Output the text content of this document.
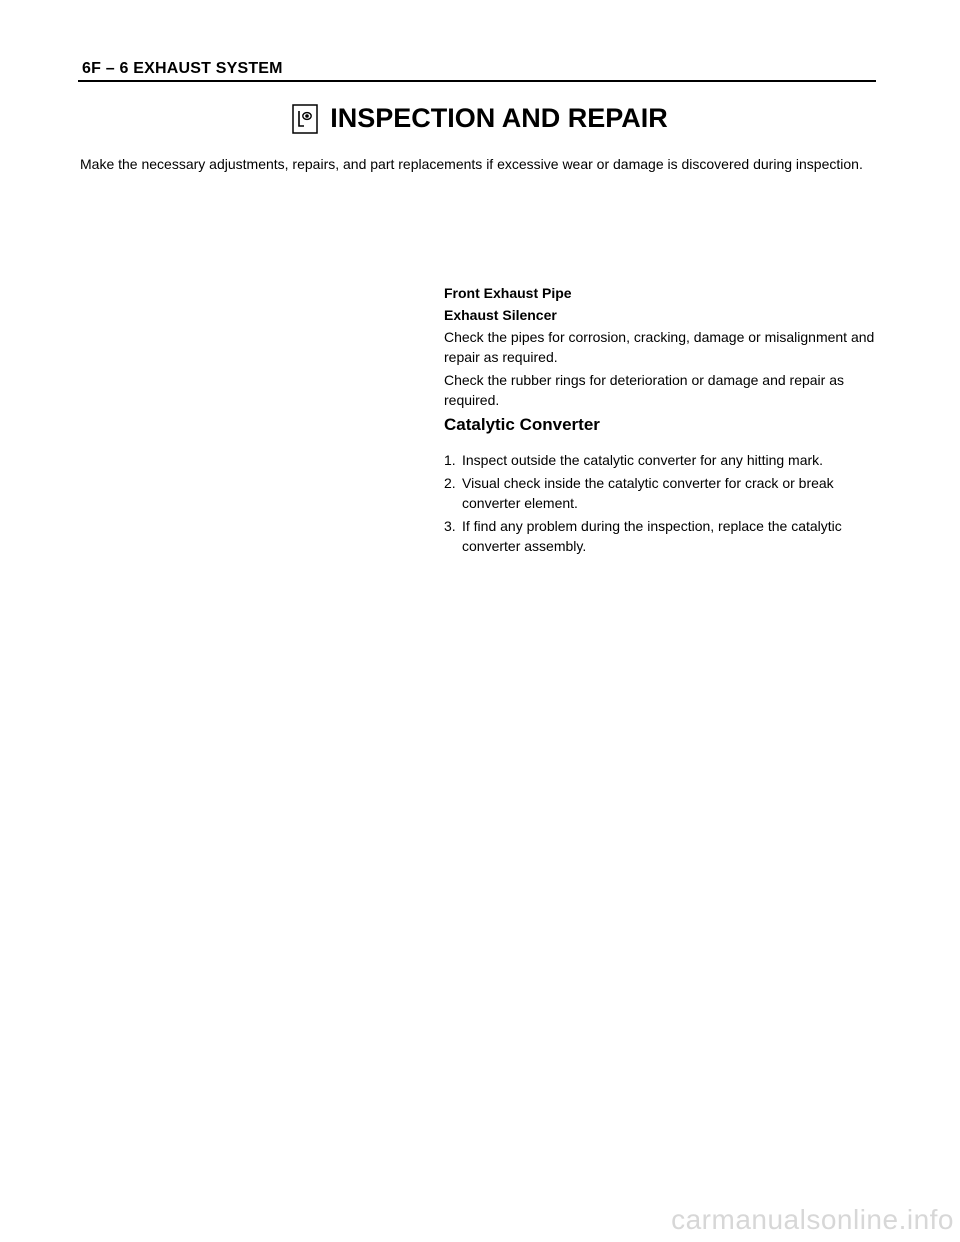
6F – 6 EXHAUST SYSTEM
INSPECTION AND REPAIR
Make the necessary adjustments, repairs, and part replacements if excessive wear or damage is discovered during inspection.
Front Exhaust Pipe
Exhaust Silencer
Check the pipes for corrosion, cracking, damage or misalignment and repair as required.
Check the rubber rings for deterioration or damage and repair as required.
Catalytic Converter
1. Inspect outside the catalytic converter for any hitting mark.
2. Visual check inside the catalytic converter for crack or break converter element.
3. If find any problem during the inspection, replace the catalytic converter assembly.
carmanualsonline.info
